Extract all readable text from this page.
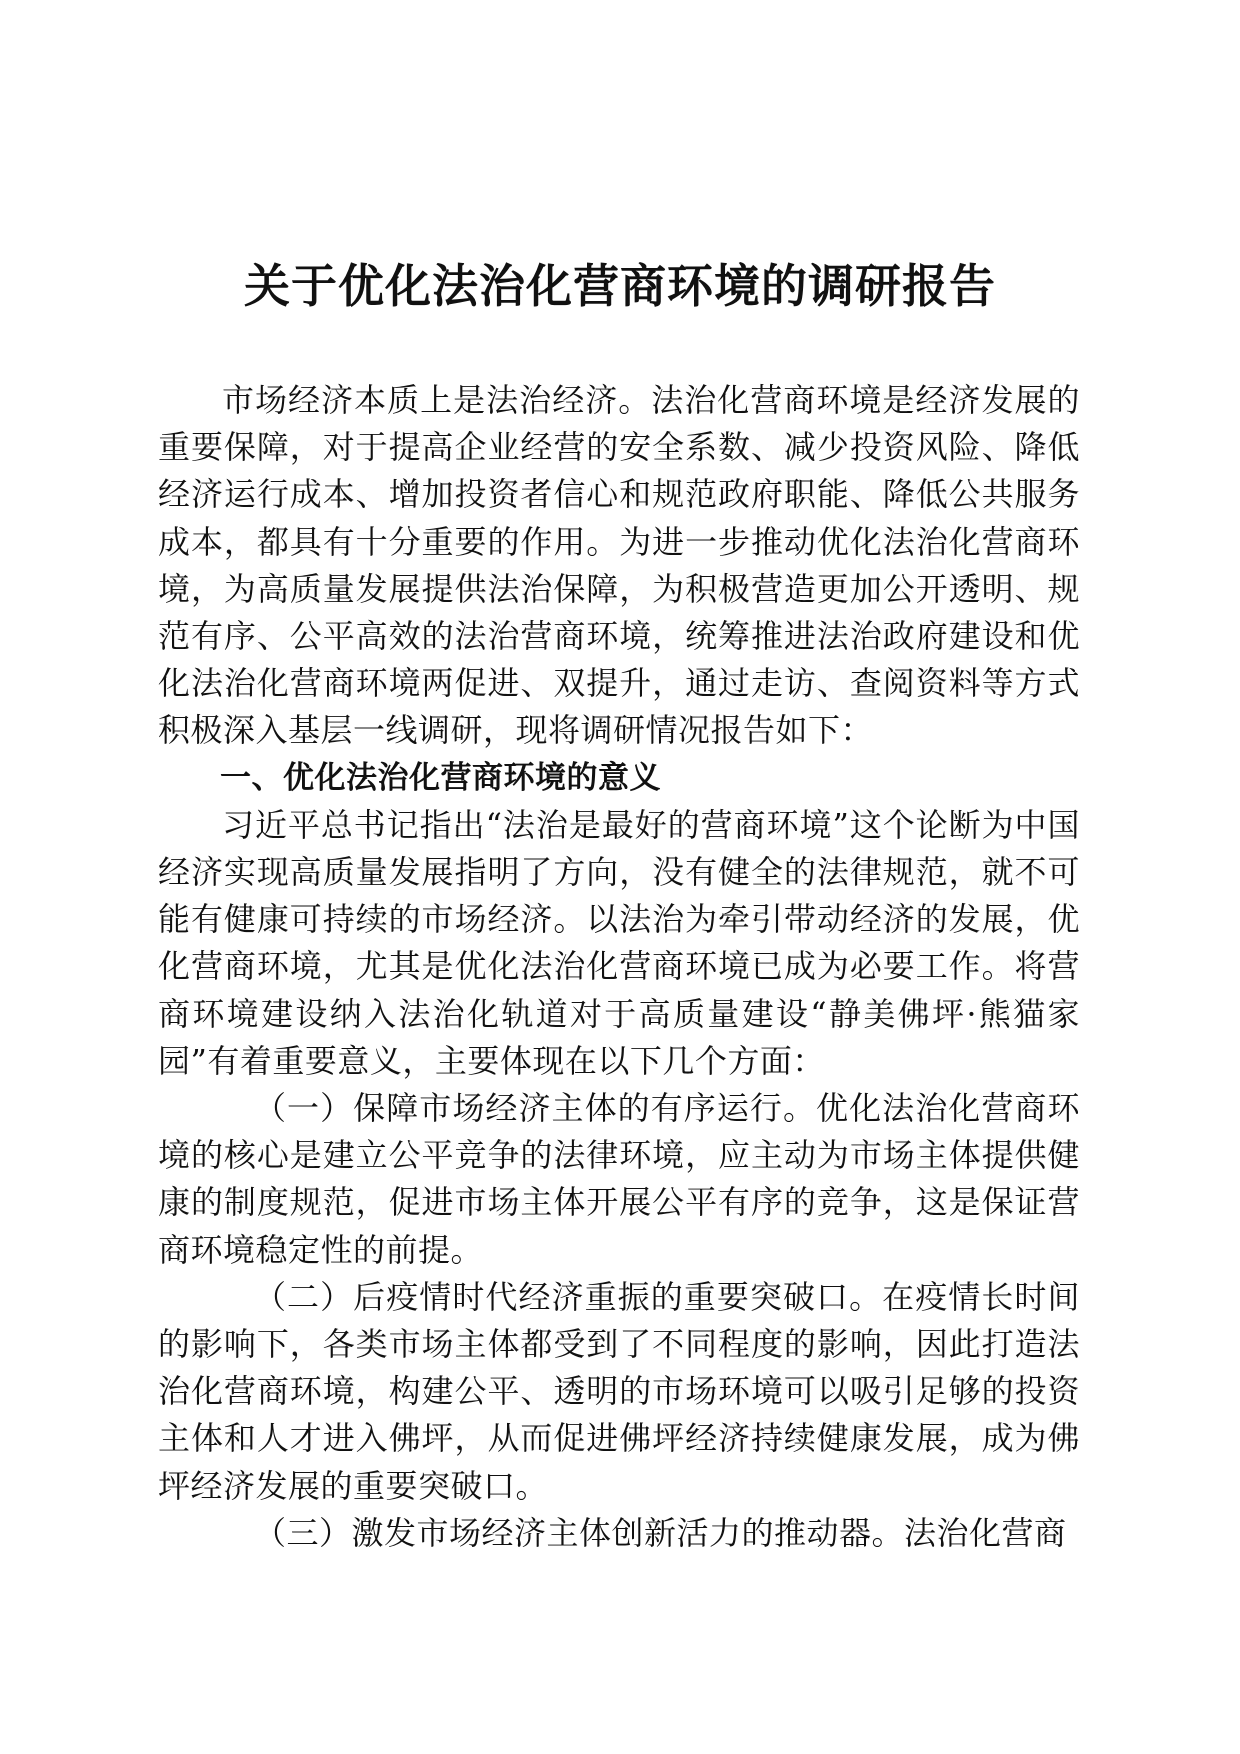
关于优化法治化营商环境的调研报告

市场经济本质上是法治经济。法治化营商环境是经济发展的重要保障，对于提高企业经营的安全系数、减少投资风险、降低经济运行成本、增加投资者信心和规范政府职能、降低公共服务成本，都具有十分重要的作用。为进一步推动优化法治化营商环境，为高质量发展提供法治保障，为积极营造更加公开透明、规范有序、公平高效的法治营商环境，统筹推进法治政府建设和优化法治化营商环境两促进、双提升，通过走访、查阅资料等方式积极深入基层一线调研，现将调研情况报告如下：

一、优化法治化营商环境的意义

习近平总书记指出“法治是最好的营商环境”这个论断为中国经济实现高质量发展指明了方向，没有健全的法律规范，就不可能有健康可持续的市场经济。以法治为牵引带动经济的发展，优化营商环境，尤其是优化法治化营商环境已成为必要工作。将营商环境建设纳入法治化轨道对于高质量建设“静美佛坪·熊猫家园”有着重要意义，主要体现在以下几个方面：

（一）保障市场经济主体的有序运行。优化法治化营商环境的核心是建立公平竞争的法律环境，应主动为市场主体提供健康的制度规范，促进市场主体开展公平有序的竞争，这是保证营商环境稳定性的前提。

（二）后疫情时代经济重振的重要突破口。在疫情长时间的影响下，各类市场主体都受到了不同程度的影响，因此打造法治化营商环境，构建公平、透明的市场环境可以吸引足够的投资主体和人才进入佛坪，从而促进佛坪经济持续健康发展，成为佛坪经济发展的重要突破口。

（三）激发市场经济主体创新活力的推动器。法治化营商
